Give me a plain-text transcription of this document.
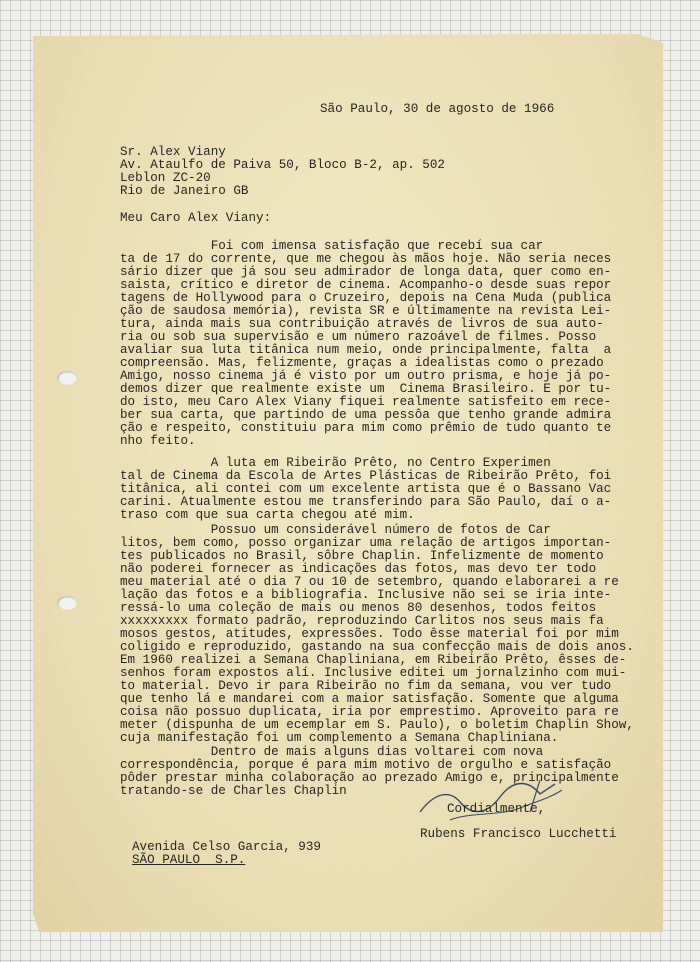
São Paulo, 30 de agosto de 1966

Sr. Alex Viany

Av. Ataulfo de Paiva 50, Bloco B-2, ap. 502

Leblon ZC-20

Rio de Janeiro GB

Meu Caro Alex Viany:

Foi com imensa satisfação que recebí sua car

ta de 17 do corrente, que me chegou às mãos hoje. Não seria neces

sário dizer que já sou seu admirador de longa data, quer como en-

saista, crítico e diretor de cinema. Acompanho-o desde suas repor

tagens de Hollywood para o Cruzeiro, depois na Cena Muda (publica

ção de saudosa memória), revista SR e últimamente na revista Lei-

tura, ainda mais sua contribuição através de livros de sua auto-

ria ou sob sua supervisão e um número razoável de filmes. Posso

avaliar sua luta titânica num meio, onde principalmente, falta  a

compreensão. Mas, felizmente, graças a idealistas como o prezado

Amigo, nosso cinema já é visto por um outro prisma, e hoje já po-

demos dizer que realmente existe um  Cinema Brasileiro. E por tu-

do isto, meu Caro Alex Viany fiquei realmente satisfeito em rece-

ber sua carta, que partindo de uma pessôa que tenho grande admira

ção e respeito, constituiu para mim como prêmio de tudo quanto te

nho feito.

A luta em Ribeirão Prêto, no Centro Experimen

tal de Cinema da Escola de Artes Plásticas de Ribeirão Prêto, foi

titânica, ali contei com um excelente artista que é o Bassano Vac

carini. Atualmente estou me transferindo para São Paulo, daí o a-

traso com que sua carta chegou até mim.

Possuo um considerável número de fotos de Car

litos, bem como, posso organizar uma relação de artigos importan-

tes publicados no Brasil, sôbre Chaplin. Infelizmente de momento

não poderei fornecer as indicações das fotos, mas devo ter todo

meu material até o dia 7 ou 10 de setembro, quando elaborarei a re

lação das fotos e a bibliografia. Inclusive não sei se iria inte-

ressá-lo uma coleção de mais ou menos 80 desenhos, todos feitos

xxxxxxxxx formato padrão, reproduzindo Carlitos nos seus mais fa

mosos gestos, atitudes, expressões. Todo êsse material foi por mim

coligido e reproduzido, gastando na sua confecção mais de dois anos.

Em 1960 realizei a Semana Chapliniana, em Ribeirão Prêto, êsses de-

senhos foram expostos alí. Inclusive editei um jornalzinho com mui-

to material. Devo ir para Ribeirão no fim da semana, vou ver tudo

que tenho lá e mandarei com a maior satisfação. Somente que alguma

coisa não possuo duplicata, iria por emprestimo. Aproveito para re

meter (dispunha de um ecemplar em S. Paulo), o boletim Chaplin Show,

cuja manifestação foi um complemento a Semana Chapliniana.

Dentro de mais alguns dias voltarei com nova

correspondência, porque é para mim motivo de orgulho e satisfação

pôder prestar minha colaboração ao prezado Amigo e, principalmente

tratando-se de Charles Chaplin

Cordialmente,

Rubens Francisco Lucchetti

Avenida Celso Garcia, 939

SÃO PAULO  S.P.
